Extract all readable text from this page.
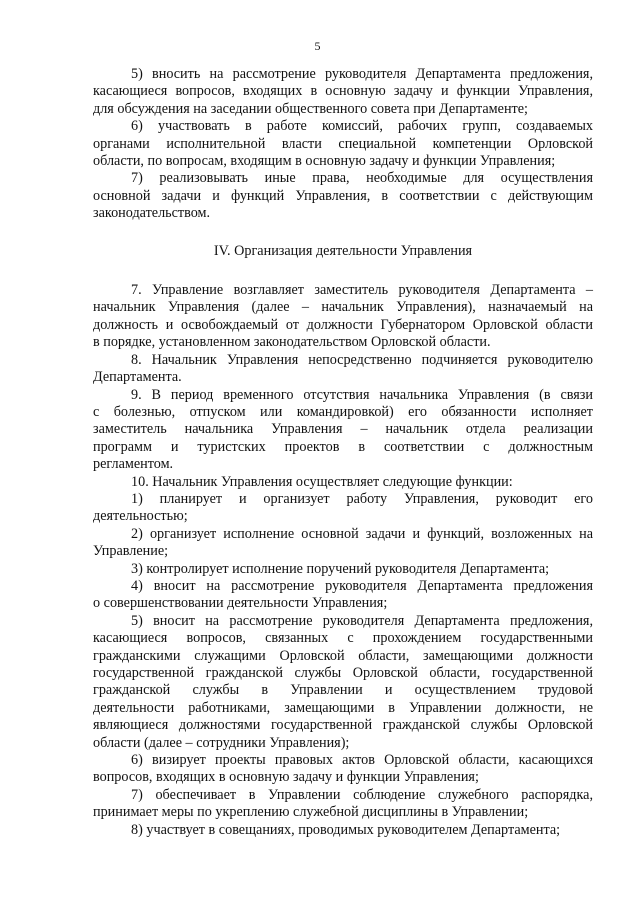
5
5) вносить на рассмотрение руководителя Департамента предложения,
касающиеся вопросов, входящих в основную задачу и функции Управления,
для обсуждения на заседании общественного совета при Департаменте;
6) участвовать в работе комиссий, рабочих групп, создаваемых
органами исполнительной власти специальной компетенции Орловской
области, по вопросам, входящим в основную задачу и функции Управления;
7) реализовывать иные права, необходимые для осуществления
основной задачи и функций Управления, в соответствии с действующим
законодательством.
IV. Организация деятельности Управления
7. Управление возглавляет заместитель руководителя Департамента –
начальник Управления (далее – начальник Управления), назначаемый на
должность и освобождаемый от должности Губернатором Орловской области
в порядке, установленном законодательством Орловской области.
8. Начальник Управления непосредственно подчиняется руководителю
Департамента.
9. В период временного отсутствия начальника Управления (в связи
с болезнью, отпуском или командировкой) его обязанности исполняет
заместитель начальника Управления – начальник отдела реализации
программ и туристских проектов в соответствии с должностным
регламентом.
10. Начальник Управления осуществляет следующие функции:
1) планирует и организует работу Управления, руководит его
деятельностью;
2) организует исполнение основной задачи и функций, возложенных на
Управление;
3) контролирует исполнение поручений руководителя Департамента;
4) вносит на рассмотрение руководителя Департамента предложения
о совершенствовании деятельности Управления;
5) вносит на рассмотрение руководителя Департамента предложения,
касающиеся вопросов, связанных с прохождением государственными
гражданскими служащими Орловской области, замещающими должности
государственной гражданской службы Орловской области, государственной
гражданской службы в Управлении и осуществлением трудовой
деятельности работниками, замещающими в Управлении должности, не
являющиеся должностями государственной гражданской службы Орловской
области (далее – сотрудники Управления);
6) визирует проекты правовых актов Орловской области, касающихся
вопросов, входящих в основную задачу и функции Управления;
7) обеспечивает в Управлении соблюдение служебного распорядка,
принимает меры по укреплению служебной дисциплины в Управлении;
8) участвует в совещаниях, проводимых руководителем Департамента;
